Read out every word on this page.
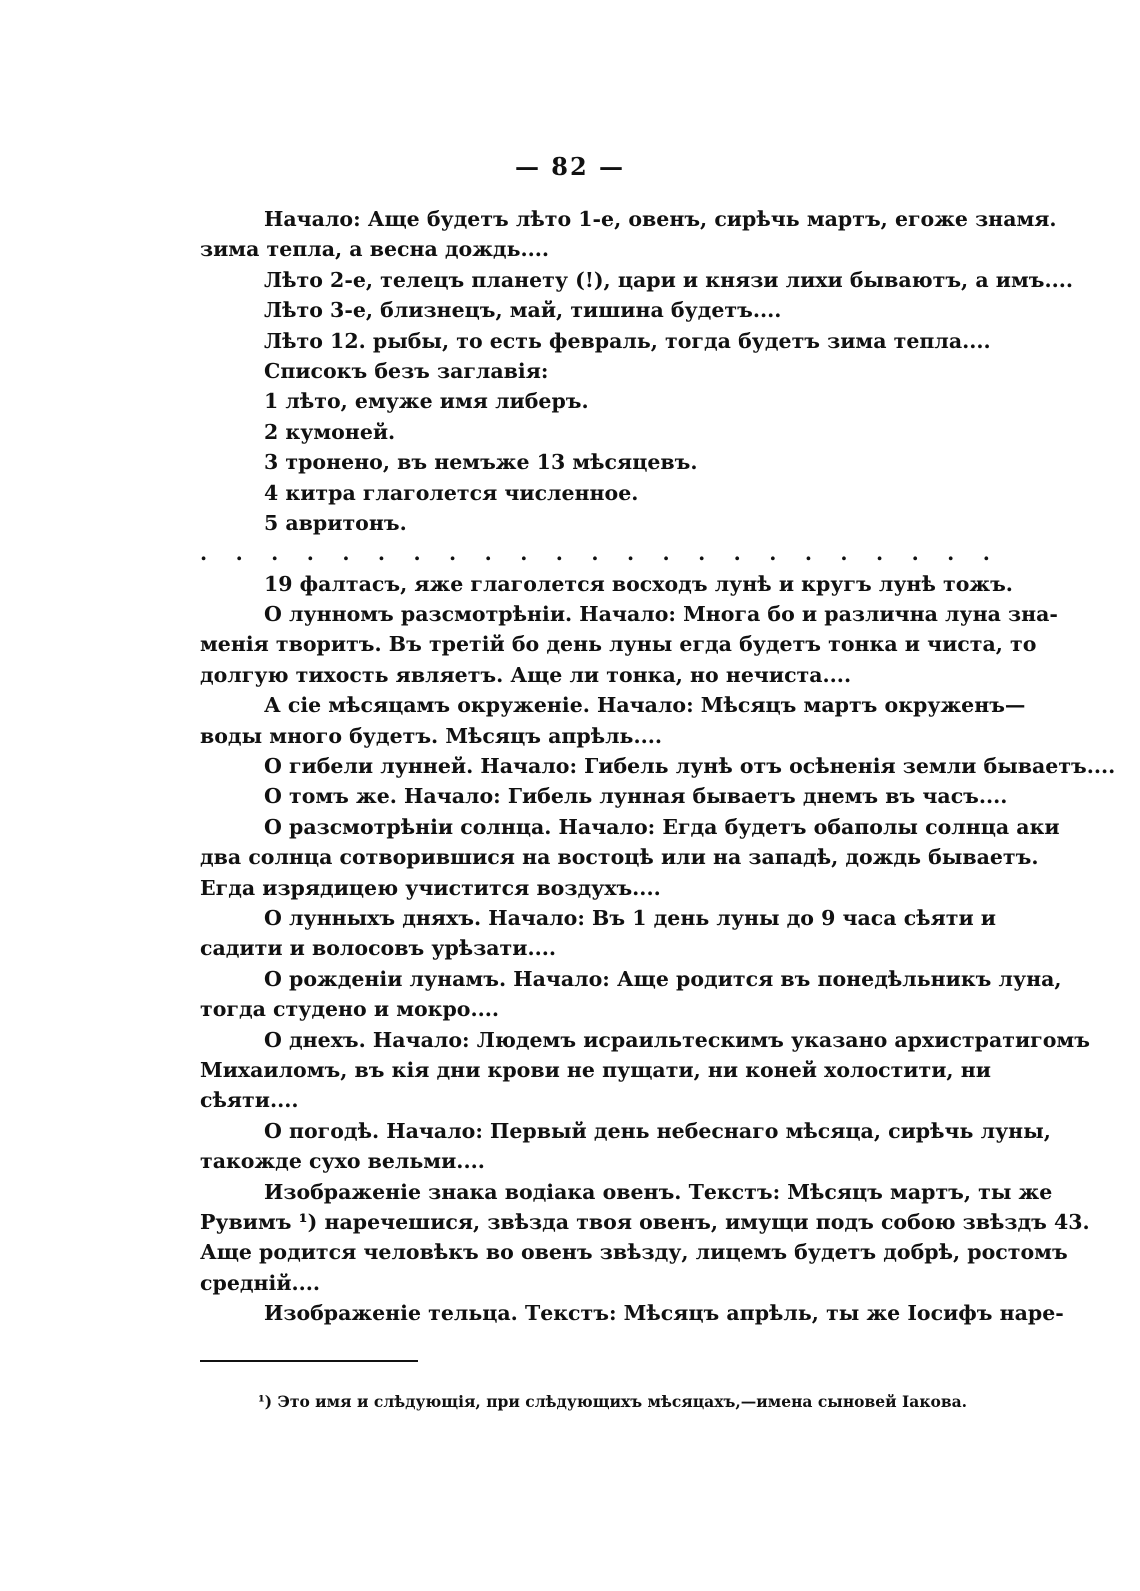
— 82 —
Начало: Аще будетъ лѣто 1-е, овенъ, сирѣчь мартъ, егоже знамя.
зима тепла, а весна дождь....
Лѣто 2-е, телецъ планету (!), цари и князи лихи бываютъ, а имъ....
Лѣто 3-е, близнецъ, май, тишина будетъ....
Лѣто 12. рыбы, то есть февраль, тогда будетъ зима тепла....
Списокъ безъ заглавія:
1 лѣто, емуже имя либеръ.
2 кумоней.
3 тронено, въ немъже 13 мѣсяцевъ.
4 китра глаголется численное.
5 авритонъ.
. . . . . . . . . . . . . . . . . . . . . . .
19 фалтасъ, яже глаголется восходъ лунѣ и кругъ лунѣ тожъ.
О лунномъ разсмотрѣніи. Начало: Многа бо и различна луна зна-
менія творитъ. Въ третій бо день луны егда будетъ тонка и чиста, то
долгую тихость являетъ. Аще ли тонка, но нечиста....
А сіе мѣсяцамъ окруженіе. Начало: Мѣсяцъ мартъ окруженъ—
воды много будетъ. Мѣсяцъ апрѣль....
О гибели лунней. Начало: Гибель лунѣ отъ осѣненія земли бываетъ....
О томъ же. Начало: Гибель лунная бываетъ днемъ въ часъ....
О разсмотрѣніи солнца. Начало: Егда будетъ обаполы солнца аки
два солнца сотворившися на востоцѣ или на западѣ, дождь бываетъ.
Егда изрядицею учистится воздухъ....
О лунныхъ дняхъ. Начало: Въ 1 день луны до 9 часа сѣяти и
садити и волосовъ урѣзати....
О рожденіи лунамъ. Начало: Аще родится въ понедѣльникъ луна,
тогда студено и мокро....
О днехъ. Начало: Людемъ исраильтескимъ указано архистратигомъ
Михаиломъ, въ кія дни крови не пущати, ни коней холостити, ни
сѣяти....
О погодѣ. Начало: Первый день небеснаго мѣсяца, сирѣчь луны,
такожде сухо вельми....
Изображеніе знака водіака овенъ. Текстъ: Мѣсяцъ мартъ, ты же
Рувимъ ¹) наречешися, звѣзда твоя овенъ, имущи подъ собою звѣздъ 43.
Аще родится человѣкъ во овенъ звѣзду, лицемъ будетъ добрѣ, ростомъ
среднiй....
Изображеніе тельца. Текстъ: Мѣсяцъ апрѣль, ты же Іосифъ наре-
¹) Это имя и слѣдующія, при слѣдующихъ мѣсяцахъ,—имена сыновей Іакова.
